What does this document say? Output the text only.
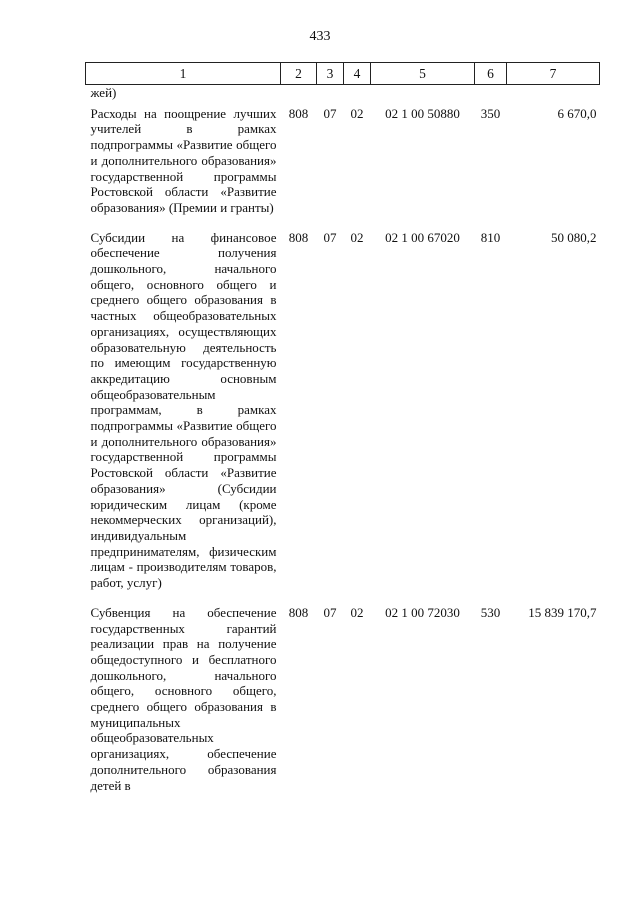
433
1	2	3	4	5	6	7
жей)						

Расходы на поощрение лучших учителей в рамках подпрограммы «Развитие общего и дополнительного образования» государственной программы Ростовской области «Развитие образования» (Премии и гранты)	808	07	02	02 1 00 50880	350	6 670,0

Субсидии на финансовое обеспечение получения дошкольного, начального общего, основного общего и среднего общего образования в частных общеобразовательных организациях, осуществляющих образовательную деятельность по имеющим государственную аккредитацию основным общеобразовательным программам, в рамках подпрограммы «Развитие общего и дополнительного образования» государственной программы Ростовской области «Развитие образования» (Субсидии юридическим лицам (кроме некоммерческих организаций), индивидуальным предпринимателям, физическим лицам - производителям товаров, работ, услуг)	808	07	02	02 1 00 67020	810	50 080,2

Субвенция на обеспечение государственных гарантий реализации прав на получение общедоступного и бесплатного дошкольного, начального общего, основного общего, среднего общего образования в муниципальных общеобразовательных организациях, обеспечение дополнительного образования детей в	808	07	02	02 1 00 72030	530	15 839 170,7
